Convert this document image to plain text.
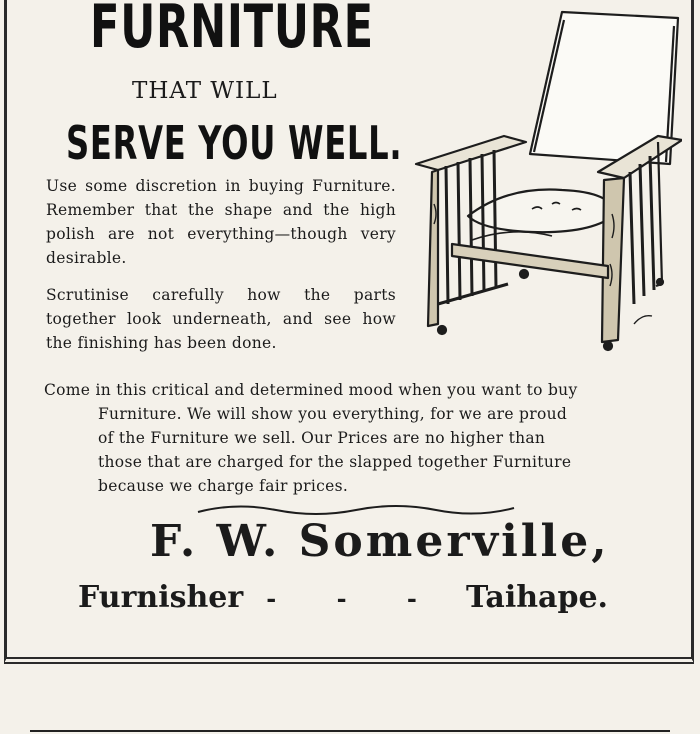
FURNITURE
THAT WILL
SERVE YOU WELL.

Use some discretion in buying Furniture. Remember that the shape and the high polish are not everything—though very desirable.

Scrutinise carefully how the parts together look underneath, and see how the finishing has been done.

Come in this critical and determined mood when you want to buy
Furniture. We will show you everything, for we are proud
of the Furniture we sell. Our Prices are no higher than
those that are charged for the slapped together Furniture
because we charge fair prices.

F. W. Somerville,
Furnisher - - - Taihape.
